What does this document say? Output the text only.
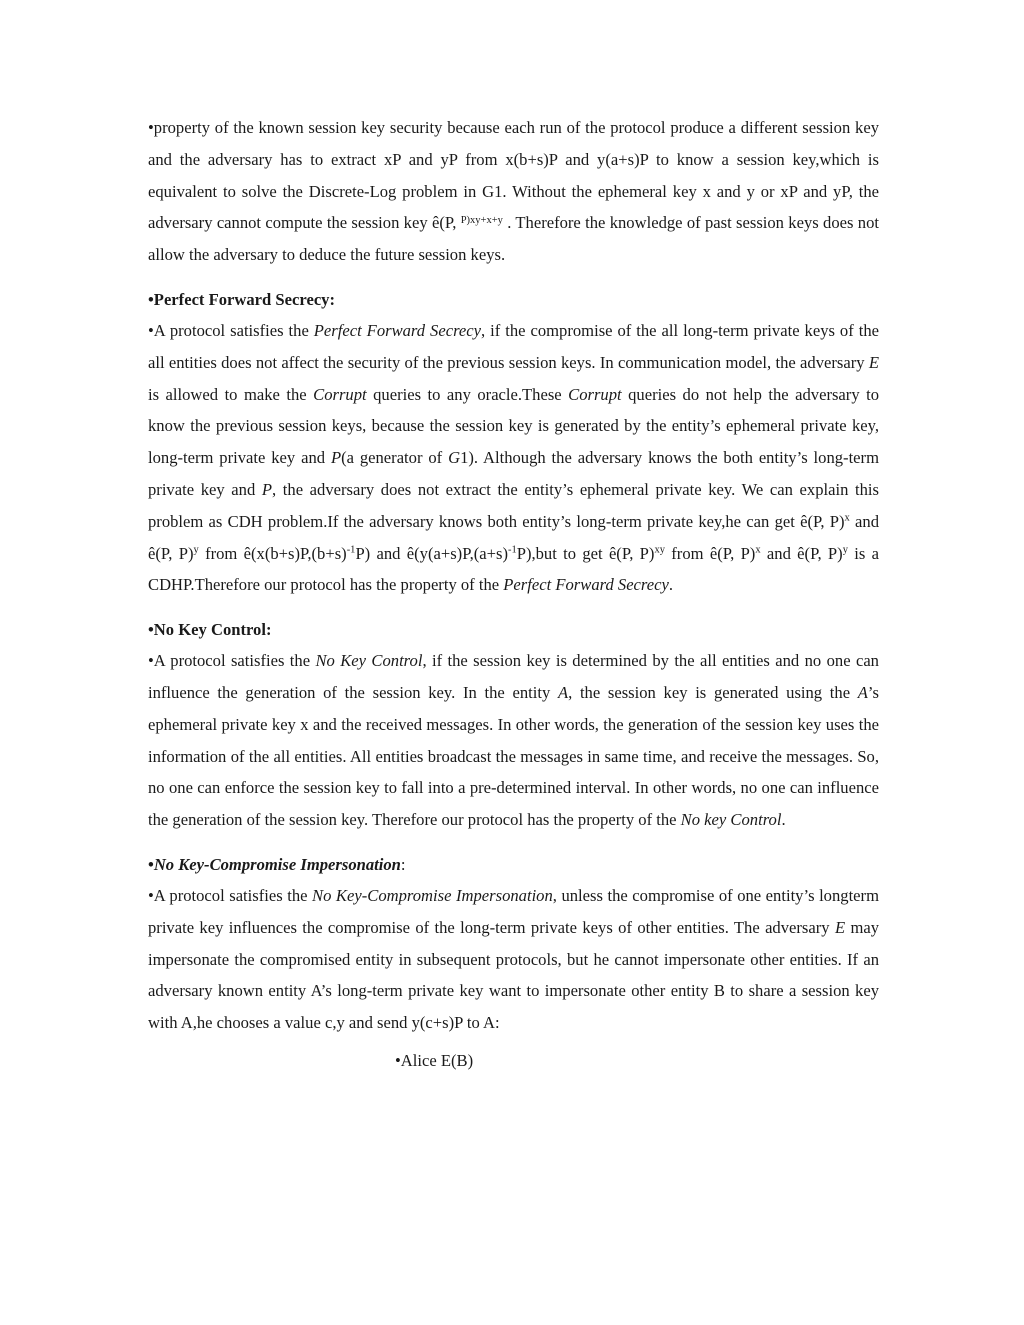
•property of the known session key security because each run of the protocol produce a different session key and the adversary has to extract xP and yP from x(b+s)P and y(a+s)P to know a session key,which is equivalent to solve the Discrete-Log problem in G1. Without the ephemeral key x and y or xP and yP, the adversary cannot compute the session key ê(P, $^{P)xy+x+y}$ . Therefore the knowledge of past session keys does not allow the adversary to deduce the future session keys.

•Perfect Forward Secrecy:

•A protocol satisfies the Perfect Forward Secrecy, if the compromise of the all long-term private keys of the all entities does not affect the security of the previous session keys. In communication model, the adversary E is allowed to make the Corrupt queries to any oracle.These Corrupt queries do not help the adversary to know the previous session keys, because the session key is generated by the entity’s ephemeral private key, long-term private key and P(a generator of G1). Although the adversary knows the both entity’s long-term private key and P, the adversary does not extract the entity’s ephemeral private key. We can explain this problem as CDH problem.If the adversary knows both entity’s long-term private key,he can get ê(P, P)$^x$ and ê(P, P)$^y$ from $ê(x(b+s)P,(b+s)^{-1}P)$ and $ê(y(a+s)P,(a+s)^{-1}P),but$ to get ê(P, P)$^{xy}$ from ê(P, P)$^x$ and ê(P, P)$^y$ is a CDHP.Therefore our protocol has the property of the Perfect Forward Secrecy.

•No Key Control:

•A protocol satisfies the No Key Control, if the session key is determined by the all entities and no one can influence the generation of the session key. In the entity A, the session key is generated using the A’s ephemeral private key x and the received messages. In other words, the generation of the session key uses the information of the all entities. All entities broadcast the messages in same time, and receive the messages. So, no one can enforce the session key to fall into a pre-determined interval. In other words, no one can influence the generation of the session key. Therefore our protocol has the property of the No key Control.

•No Key-Compromise Impersonation:

•A protocol satisfies the No Key-Compromise Impersonation, unless the compromise of one entity’s longterm private key influences the compromise of the long-term private keys of other entities. The adversary E may impersonate the compromised entity in subsequent protocols, but he cannot impersonate other entities. If an adversary known entity A’s long-term private key want to impersonate other entity B to share a session key with A,he chooses a value c,y and send y(c+s)P to A:

•Alice E(B)
